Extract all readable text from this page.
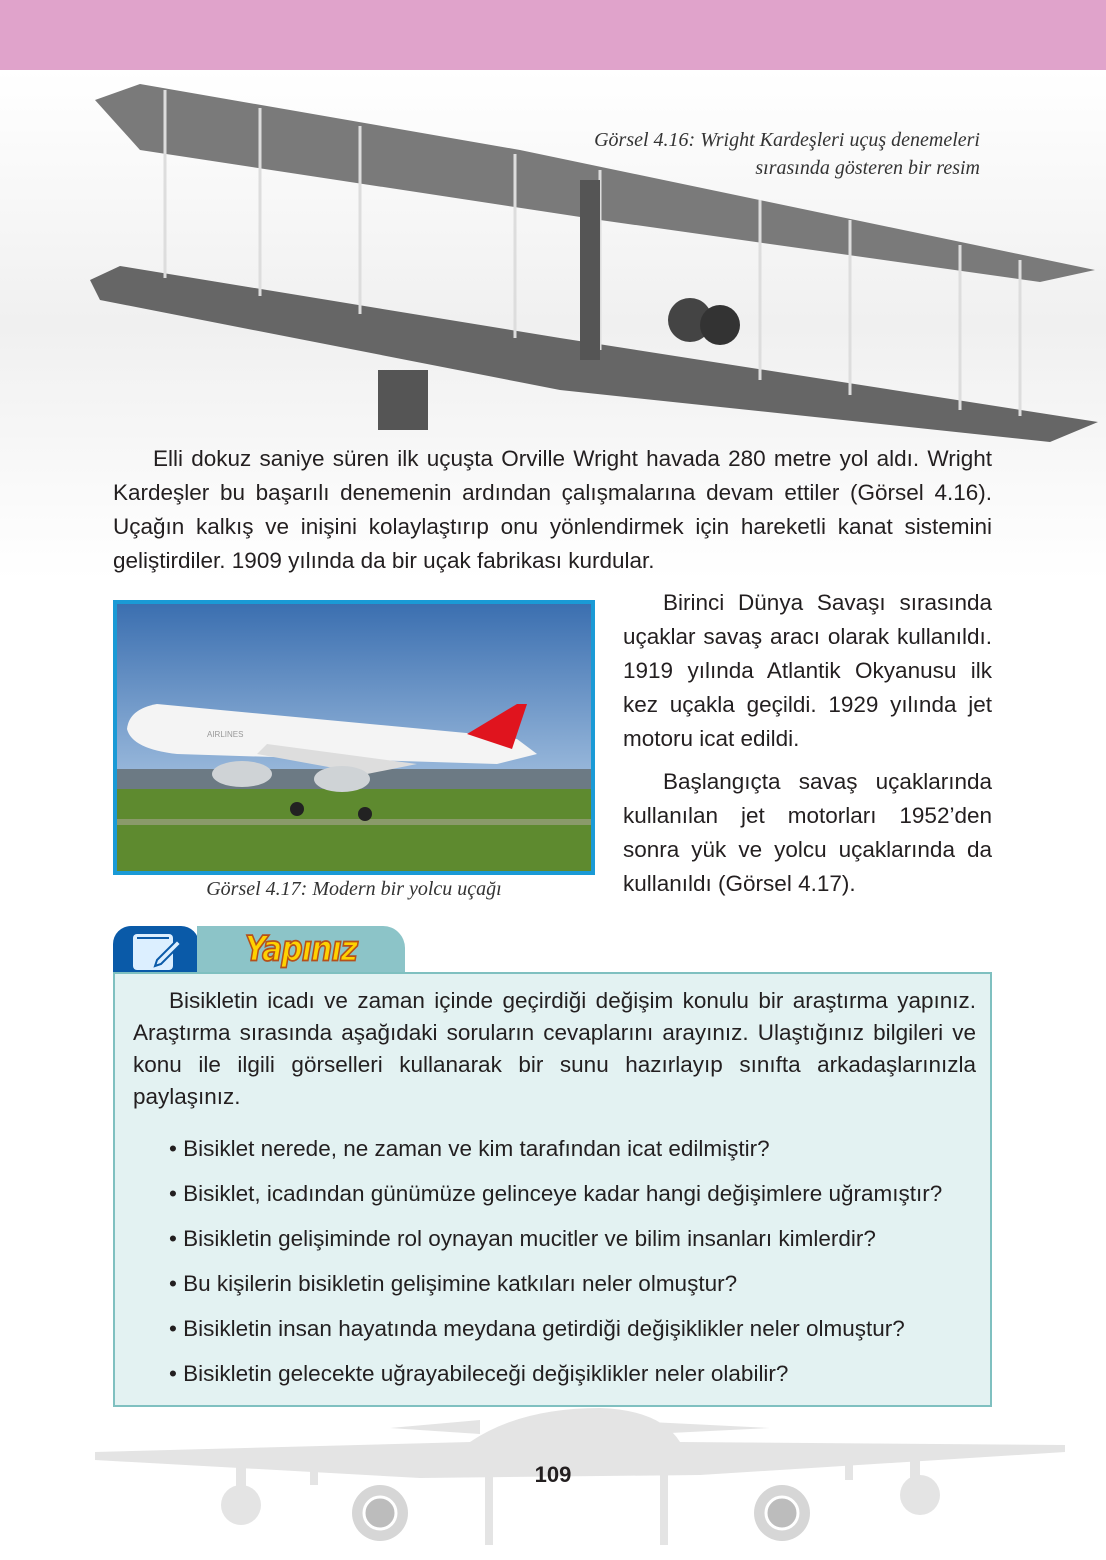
Görsel 4.16: Wright Kardeşleri uçuş denemeleri
sırasında gösteren bir resim

Elli dokuz saniye süren ilk uçuşta Orville Wright havada 280 metre yol aldı. Wright Kardeşler bu başarılı denemenin ardından çalışmalarına devam ettiler (Görsel 4.16). Uçağın kalkış ve inişini kolaylaştırıp onu yönlendirmek için hareketli kanat sistemini geliştirdiler. 1909 yılında da bir uçak fabrikası kurdular.

AIRLINES
Görsel 4.17: Modern bir yolcu uçağı

Birinci Dünya Savaşı sırasında uçaklar savaş aracı olarak kullanıldı. 1919 yılında Atlantik Okyanusu ilk kez uçakla geçildi. 1929 yılında jet motoru icat edildi.

Başlangıçta savaş uçaklarında kullanılan jet motorları 1952’den sonra yük ve yolcu uçaklarında da kullanıldı (Görsel 4.17).

Yapınız

Bisikletin icadı ve zaman içinde geçirdiği değişim konulu bir araştırma yapınız. Araştırma sırasında aşağıdaki soruların cevaplarını arayınız. Ulaştığınız bilgileri ve konu ile ilgili görselleri kullanarak bir sunu hazırlayıp sınıfta arkadaşlarınızla paylaşınız.

• Bisiklet nerede, ne zaman ve kim tarafından icat edilmiştir?
• Bisiklet, icadından günümüze gelinceye kadar hangi değişimlere uğramıştır?
• Bisikletin gelişiminde rol oynayan mucitler ve bilim insanları kimlerdir?
• Bu kişilerin bisikletin gelişimine katkıları neler olmuştur?
• Bisikletin insan hayatında meydana getirdiği değişiklikler neler olmuştur?
• Bisikletin gelecekte uğrayabileceği değişiklikler neler olabilir?
109
